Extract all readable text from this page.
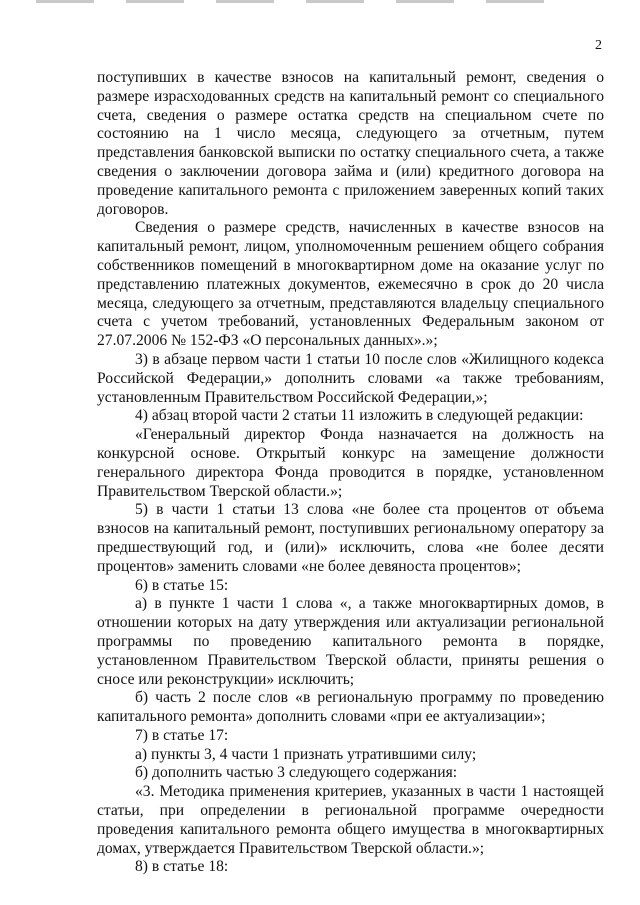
2

поступивших в качестве взносов на капитальный ремонт, сведения о размере израсходованных средств на капитальный ремонт со специального счета, сведения о размере остатка средств на специальном счете по состоянию на 1 число месяца, следующего за отчетным, путем представления банковской выписки по остатку специального счета, а также сведения о заключении договора займа и (или) кредитного договора на проведение капитального ремонта с приложением заверенных копий таких договоров.

Сведения о размере средств, начисленных в качестве взносов на капитальный ремонт, лицом, уполномоченным решением общего собрания собственников помещений в многоквартирном доме на оказание услуг по представлению платежных документов, ежемесячно в срок до 20 числа месяца, следующего за отчетным, представляются владельцу специального счета с учетом требований, установленных Федеральным законом от 27.07.2006 № 152-ФЗ «О персональных данных».»;

3) в абзаце первом части 1 статьи 10 после слов «Жилищного кодекса Российской Федерации,» дополнить словами «а также требованиям, установленным Правительством Российской Федерации,»;

4) абзац второй части 2 статьи 11 изложить в следующей редакции:

«Генеральный директор Фонда назначается на должность на конкурсной основе. Открытый конкурс на замещение должности генерального директора Фонда проводится в порядке, установленном Правительством Тверской области.»;

5) в части 1 статьи 13 слова «не более ста процентов от объема взносов на капитальный ремонт, поступивших региональному оператору за предшествующий год, и (или)» исключить, слова «не более десяти процентов» заменить словами «не более девяноста процентов»;

6) в статье 15:

а) в пункте 1 части 1 слова «, а также многоквартирных домов, в отношении которых на дату утверждения или актуализации региональной программы по проведению капитального ремонта в порядке, установленном Правительством Тверской области, приняты решения о сносе или реконструкции» исключить;

б) часть 2 после слов «в региональную программу по проведению капитального ремонта» дополнить словами «при ее актуализации»;

7) в статье 17:

а) пункты 3, 4 части 1 признать утратившими силу;

б) дополнить частью 3 следующего содержания:

«3. Методика применения критериев, указанных в части 1 настоящей статьи, при определении в региональной программе очередности проведения капитального ремонта общего имущества в многоквартирных домах, утверждается Правительством Тверской области.»;

8) в статье 18:
